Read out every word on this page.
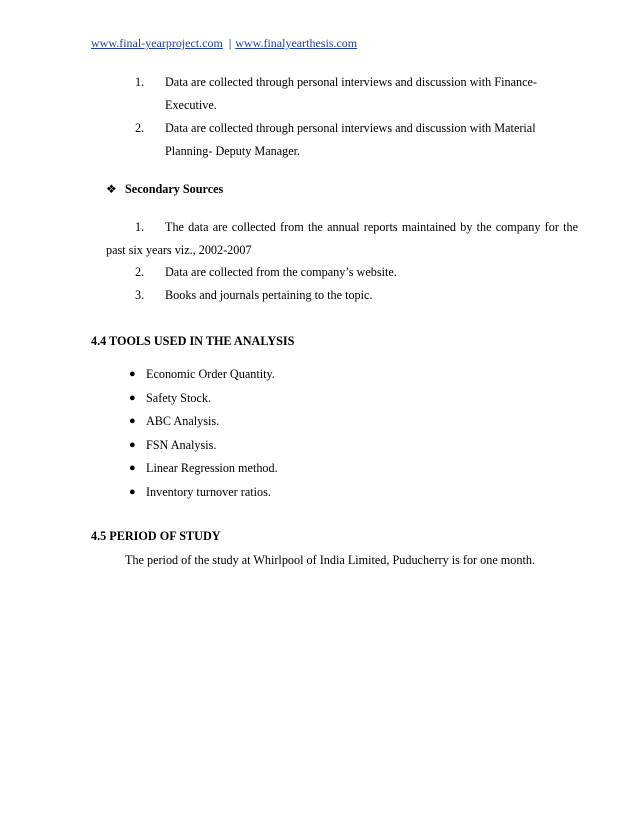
www.final-yearproject.com | www.finalyearthesis.com
1. Data are collected through personal interviews and discussion with Finance-
Executive.
2. Data are collected through personal interviews and discussion with Material
Planning- Deputy Manager.
❖ Secondary Sources
1. The data are collected from the annual reports maintained by the company for the
past six years viz., 2002-2007
2. Data are collected from the company’s website.
3. Books and journals pertaining to the topic.
4.4 TOOLS USED IN THE ANALYSIS
● Economic Order Quantity.
● Safety Stock.
● ABC Analysis.
● FSN Analysis.
● Linear Regression method.
● Inventory turnover ratios.
4.5 PERIOD OF STUDY
The period of the study at Whirlpool of India Limited, Puducherry is for one month.
